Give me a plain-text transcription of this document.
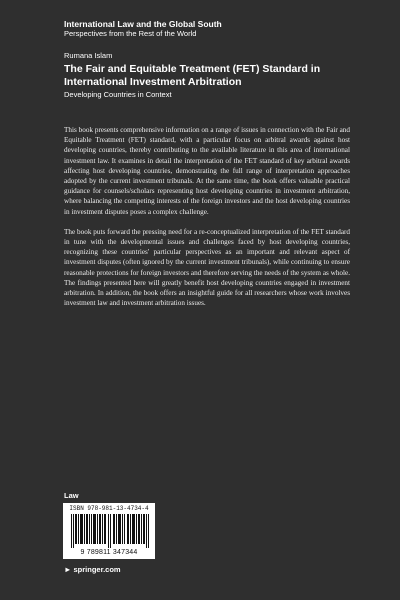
International Law and the Global South
Perspectives from the Rest of the World
Rumana Islam
The Fair and Equitable Treatment (FET) Standard in International Investment Arbitration
Developing Countries in Context

This book presents comprehensive information on a range of issues in connection with the Fair and Equitable Treatment (FET) standard, with a particular focus on arbitral awards against host developing countries, thereby contributing to the available literature in this area of international investment law. It examines in detail the interpretation of the FET standard of key arbitral awards affecting host developing countries, demonstrating the full range of interpretation approaches adopted by the current investment tribunals. At the same time, the book offers valuable practical guidance for counsels/scholars representing host developing countries in investment arbitration, where balancing the competing interests of the foreign investors and the host developing countries in investment disputes poses a complex challenge.

The book puts forward the pressing need for a re-conceptualized interpretation of the FET standard in tune with the developmental issues and challenges faced by host developing countries, recognizing these countries' particular perspectives as an important and relevant aspect of investment disputes (often ignored by the current investment tribunals), while continuing to ensure reasonable protections for foreign investors and therefore serving the needs of the system as whole. The findings presented here will greatly benefit host developing countries engaged in investment arbitration. In addition, the book offers an insightful guide for all researchers whose work involves investment law and investment arbitration issues.

Law
ISBN 978-981-13-4734-4
9 789811 347344
► springer.com
